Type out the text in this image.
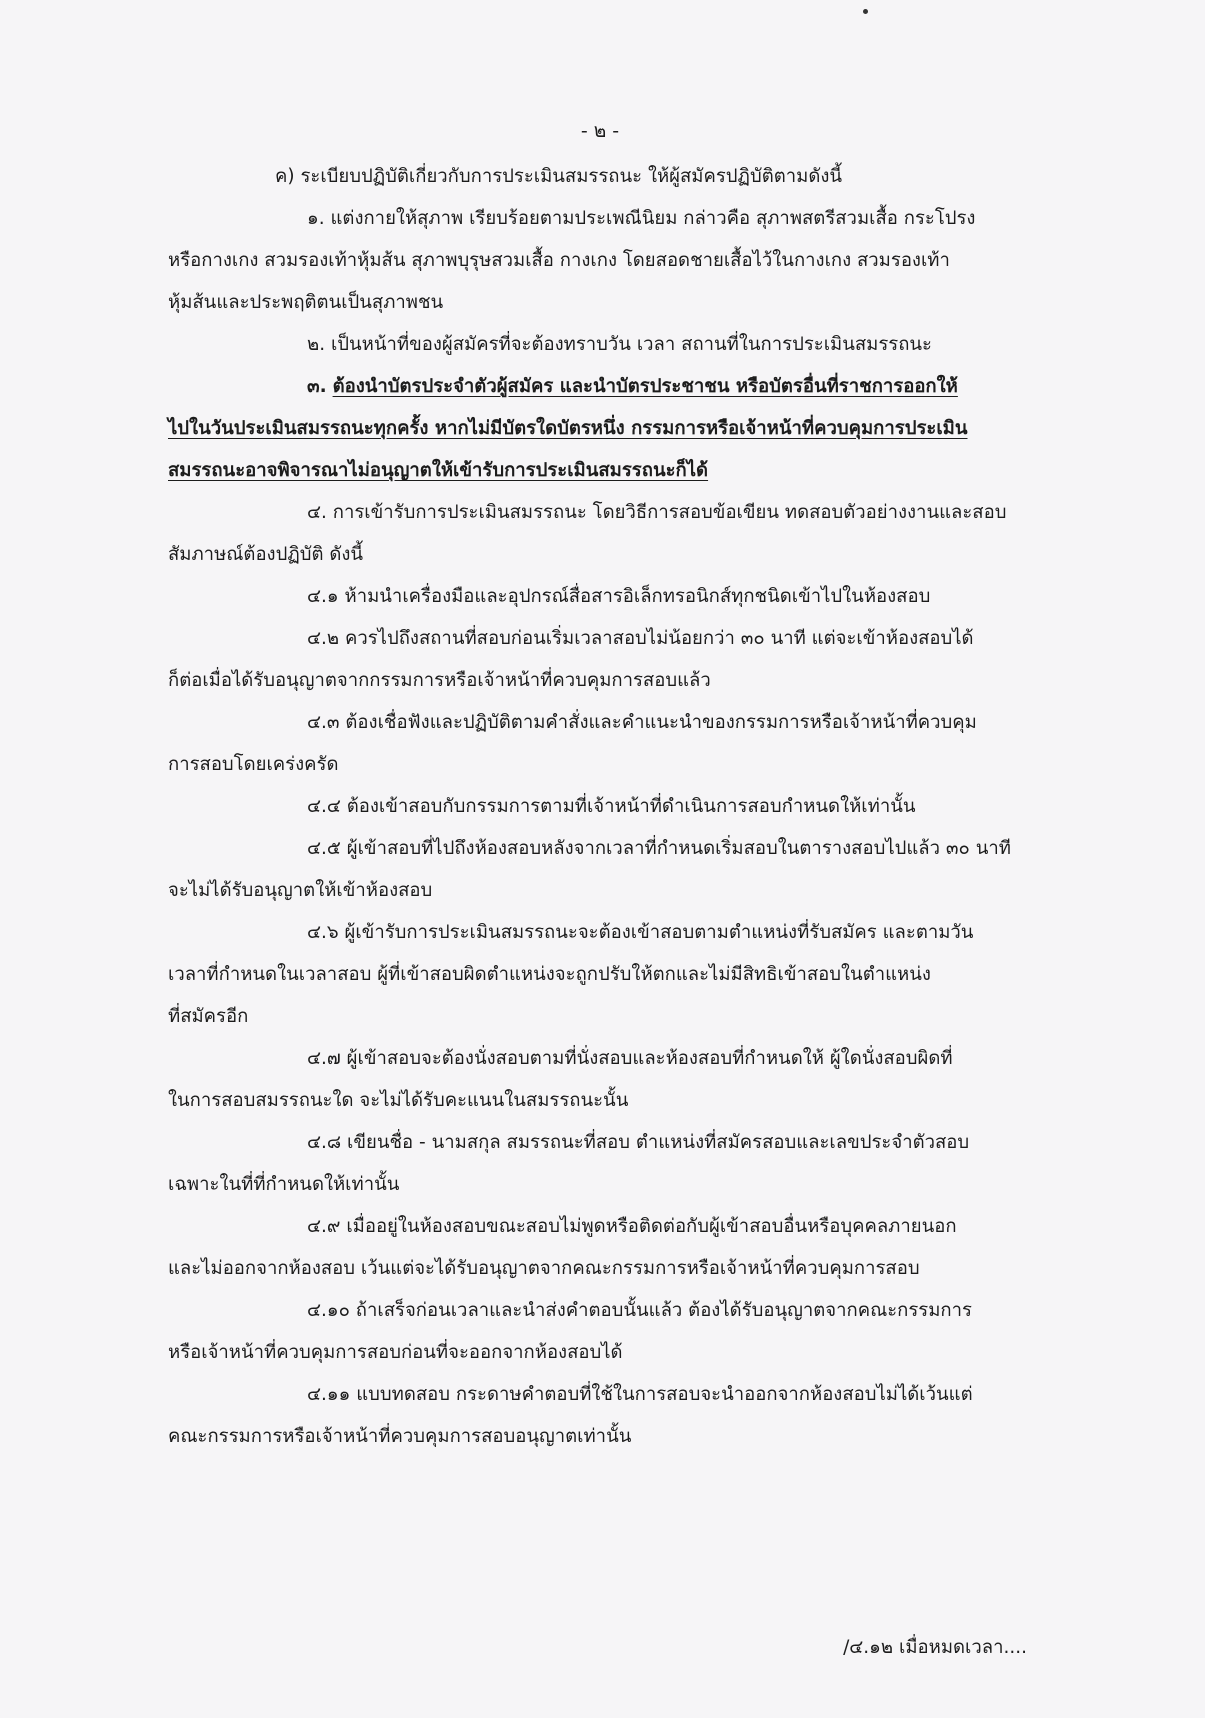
- ๒ -
ค) ระเบียบปฏิบัติเกี่ยวกับการประเมินสมรรถนะ ให้ผู้สมัครปฏิบัติตามดังนี้
๑. แต่งกายให้สุภาพ เรียบร้อยตามประเพณีนิยม กล่าวคือ สุภาพสตรีสวมเสื้อ กระโปรง
หรือกางเกง สวมรองเท้าหุ้มส้น สุภาพบุรุษสวมเสื้อ กางเกง โดยสอดชายเสื้อไว้ในกางเกง สวมรองเท้า
หุ้มส้นและประพฤติตนเป็นสุภาพชน
๒. เป็นหน้าที่ของผู้สมัครที่จะต้องทราบวัน เวลา สถานที่ในการประเมินสมรรถนะ
๓. ต้องนำบัตรประจำตัวผู้สมัคร และนำบัตรประชาชน หรือบัตรอื่นที่ราชการออกให้
ไปในวันประเมินสมรรถนะทุกครั้ง หากไม่มีบัตรใดบัตรหนึ่ง กรรมการหรือเจ้าหน้าที่ควบคุมการประเมิน
สมรรถนะอาจพิจารณาไม่อนุญาตให้เข้ารับการประเมินสมรรถนะก็ได้
๔. การเข้ารับการประเมินสมรรถนะ โดยวิธีการสอบข้อเขียน ทดสอบตัวอย่างงานและสอบ
สัมภาษณ์ต้องปฏิบัติ ดังนี้
๔.๑ ห้ามนำเครื่องมือและอุปกรณ์สื่อสารอิเล็กทรอนิกส์ทุกชนิดเข้าไปในห้องสอบ
๔.๒ ควรไปถึงสถานที่สอบก่อนเริ่มเวลาสอบไม่น้อยกว่า ๓๐ นาที แต่จะเข้าห้องสอบได้
ก็ต่อเมื่อได้รับอนุญาตจากกรรมการหรือเจ้าหน้าที่ควบคุมการสอบแล้ว
๔.๓ ต้องเชื่อฟังและปฏิบัติตามคำสั่งและคำแนะนำของกรรมการหรือเจ้าหน้าที่ควบคุม
การสอบโดยเคร่งครัด
๔.๔ ต้องเข้าสอบกับกรรมการตามที่เจ้าหน้าที่ดำเนินการสอบกำหนดให้เท่านั้น
๔.๕ ผู้เข้าสอบที่ไปถึงห้องสอบหลังจากเวลาที่กำหนดเริ่มสอบในตารางสอบไปแล้ว ๓๐ นาที
จะไม่ได้รับอนุญาตให้เข้าห้องสอบ
๔.๖ ผู้เข้ารับการประเมินสมรรถนะจะต้องเข้าสอบตามตำแหน่งที่รับสมัคร และตามวัน
เวลาที่กำหนดในเวลาสอบ ผู้ที่เข้าสอบผิดตำแหน่งจะถูกปรับให้ตกและไม่มีสิทธิเข้าสอบในตำแหน่ง
ที่สมัครอีก
๔.๗ ผู้เข้าสอบจะต้องนั่งสอบตามที่นั่งสอบและห้องสอบที่กำหนดให้ ผู้ใดนั่งสอบผิดที่
ในการสอบสมรรถนะใด จะไม่ได้รับคะแนนในสมรรถนะนั้น
๔.๘ เขียนชื่อ - นามสกุล สมรรถนะที่สอบ ตำแหน่งที่สมัครสอบและเลขประจำตัวสอบ
เฉพาะในที่ที่กำหนดให้เท่านั้น
๔.๙ เมื่ออยู่ในห้องสอบขณะสอบไม่พูดหรือติดต่อกับผู้เข้าสอบอื่นหรือบุคคลภายนอก
และไม่ออกจากห้องสอบ เว้นแต่จะได้รับอนุญาตจากคณะกรรมการหรือเจ้าหน้าที่ควบคุมการสอบ
๔.๑๐ ถ้าเสร็จก่อนเวลาและนำส่งคำตอบนั้นแล้ว ต้องได้รับอนุญาตจากคณะกรรมการ
หรือเจ้าหน้าที่ควบคุมการสอบก่อนที่จะออกจากห้องสอบได้
๔.๑๑ แบบทดสอบ กระดาษคำตอบที่ใช้ในการสอบจะนำออกจากห้องสอบไม่ได้เว้นแต่
คณะกรรมการหรือเจ้าหน้าที่ควบคุมการสอบอนุญาตเท่านั้น
/๔.๑๒ เมื่อหมดเวลา....
